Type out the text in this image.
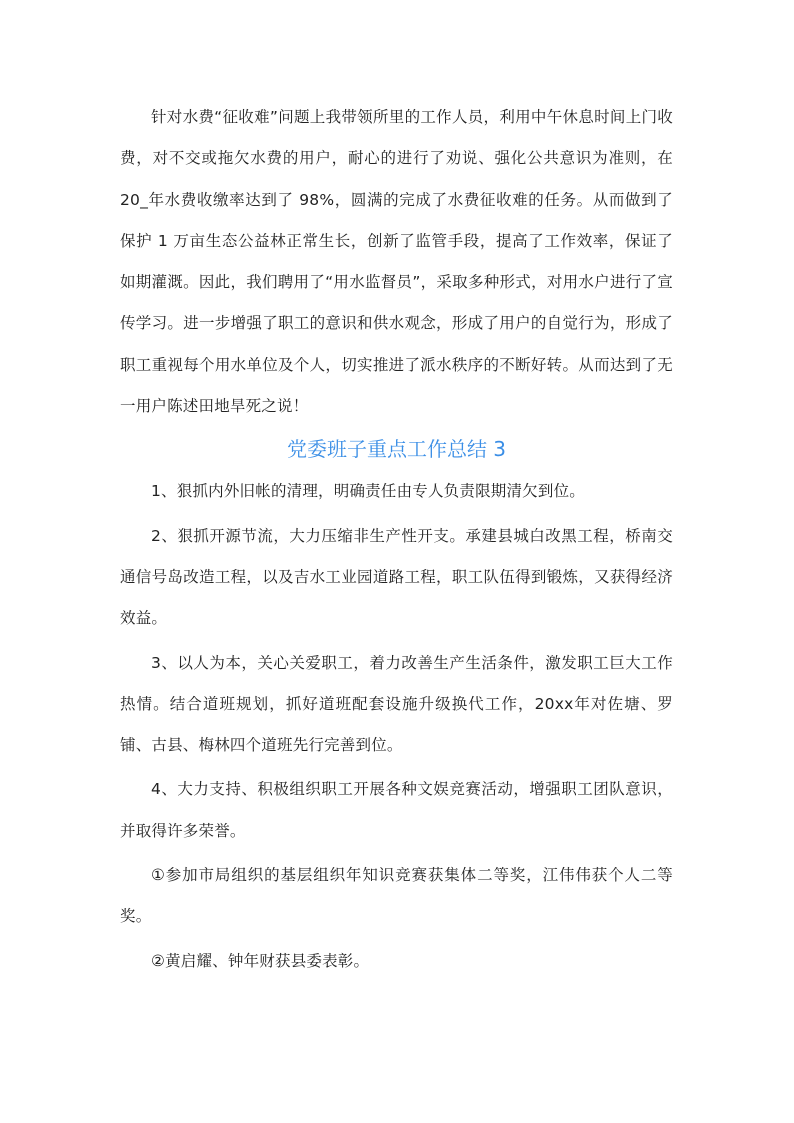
针对水费“征收难”问题上我带领所里的工作人员，利用中午休息时间上门收费，对不交或拖欠水费的用户，耐心的进行了劝说、强化公共意识为准则，在 20_年水费收缴率达到了 98%，圆满的完成了水费征收难的任务。从而做到了保护 1 万亩生态公益林正常生长，创新了监管手段，提高了工作效率，保证了如期灌溉。因此，我们聘用了“用水监督员”，采取多种形式，对用水户进行了宣传学习。进一步增强了职工的意识和供水观念，形成了用户的自觉行为，形成了职工重视每个用水单位及个人，切实推进了派水秩序的不断好转。从而达到了无一用户陈述田地旱死之说！

党委班子重点工作总结 3

1、狠抓内外旧帐的清理，明确责任由专人负责限期清欠到位。

2、狠抓开源节流，大力压缩非生产性开支。承建县城白改黑工程，桥南交通信号岛改造工程，以及吉水工业园道路工程，职工队伍得到锻炼，又获得经济效益。

3、以人为本，关心关爱职工，着力改善生产生活条件，激发职工巨大工作热情。结合道班规划，抓好道班配套设施升级换代工作，20xx年对佐塘、罗铺、古县、梅林四个道班先行完善到位。

4、大力支持、积极组织职工开展各种文娱竞赛活动，增强职工团队意识，并取得许多荣誉。

①参加市局组织的基层组织年知识竞赛获集体二等奖，江伟伟获个人二等奖。

②黄启耀、钟年财获县委表彰。
